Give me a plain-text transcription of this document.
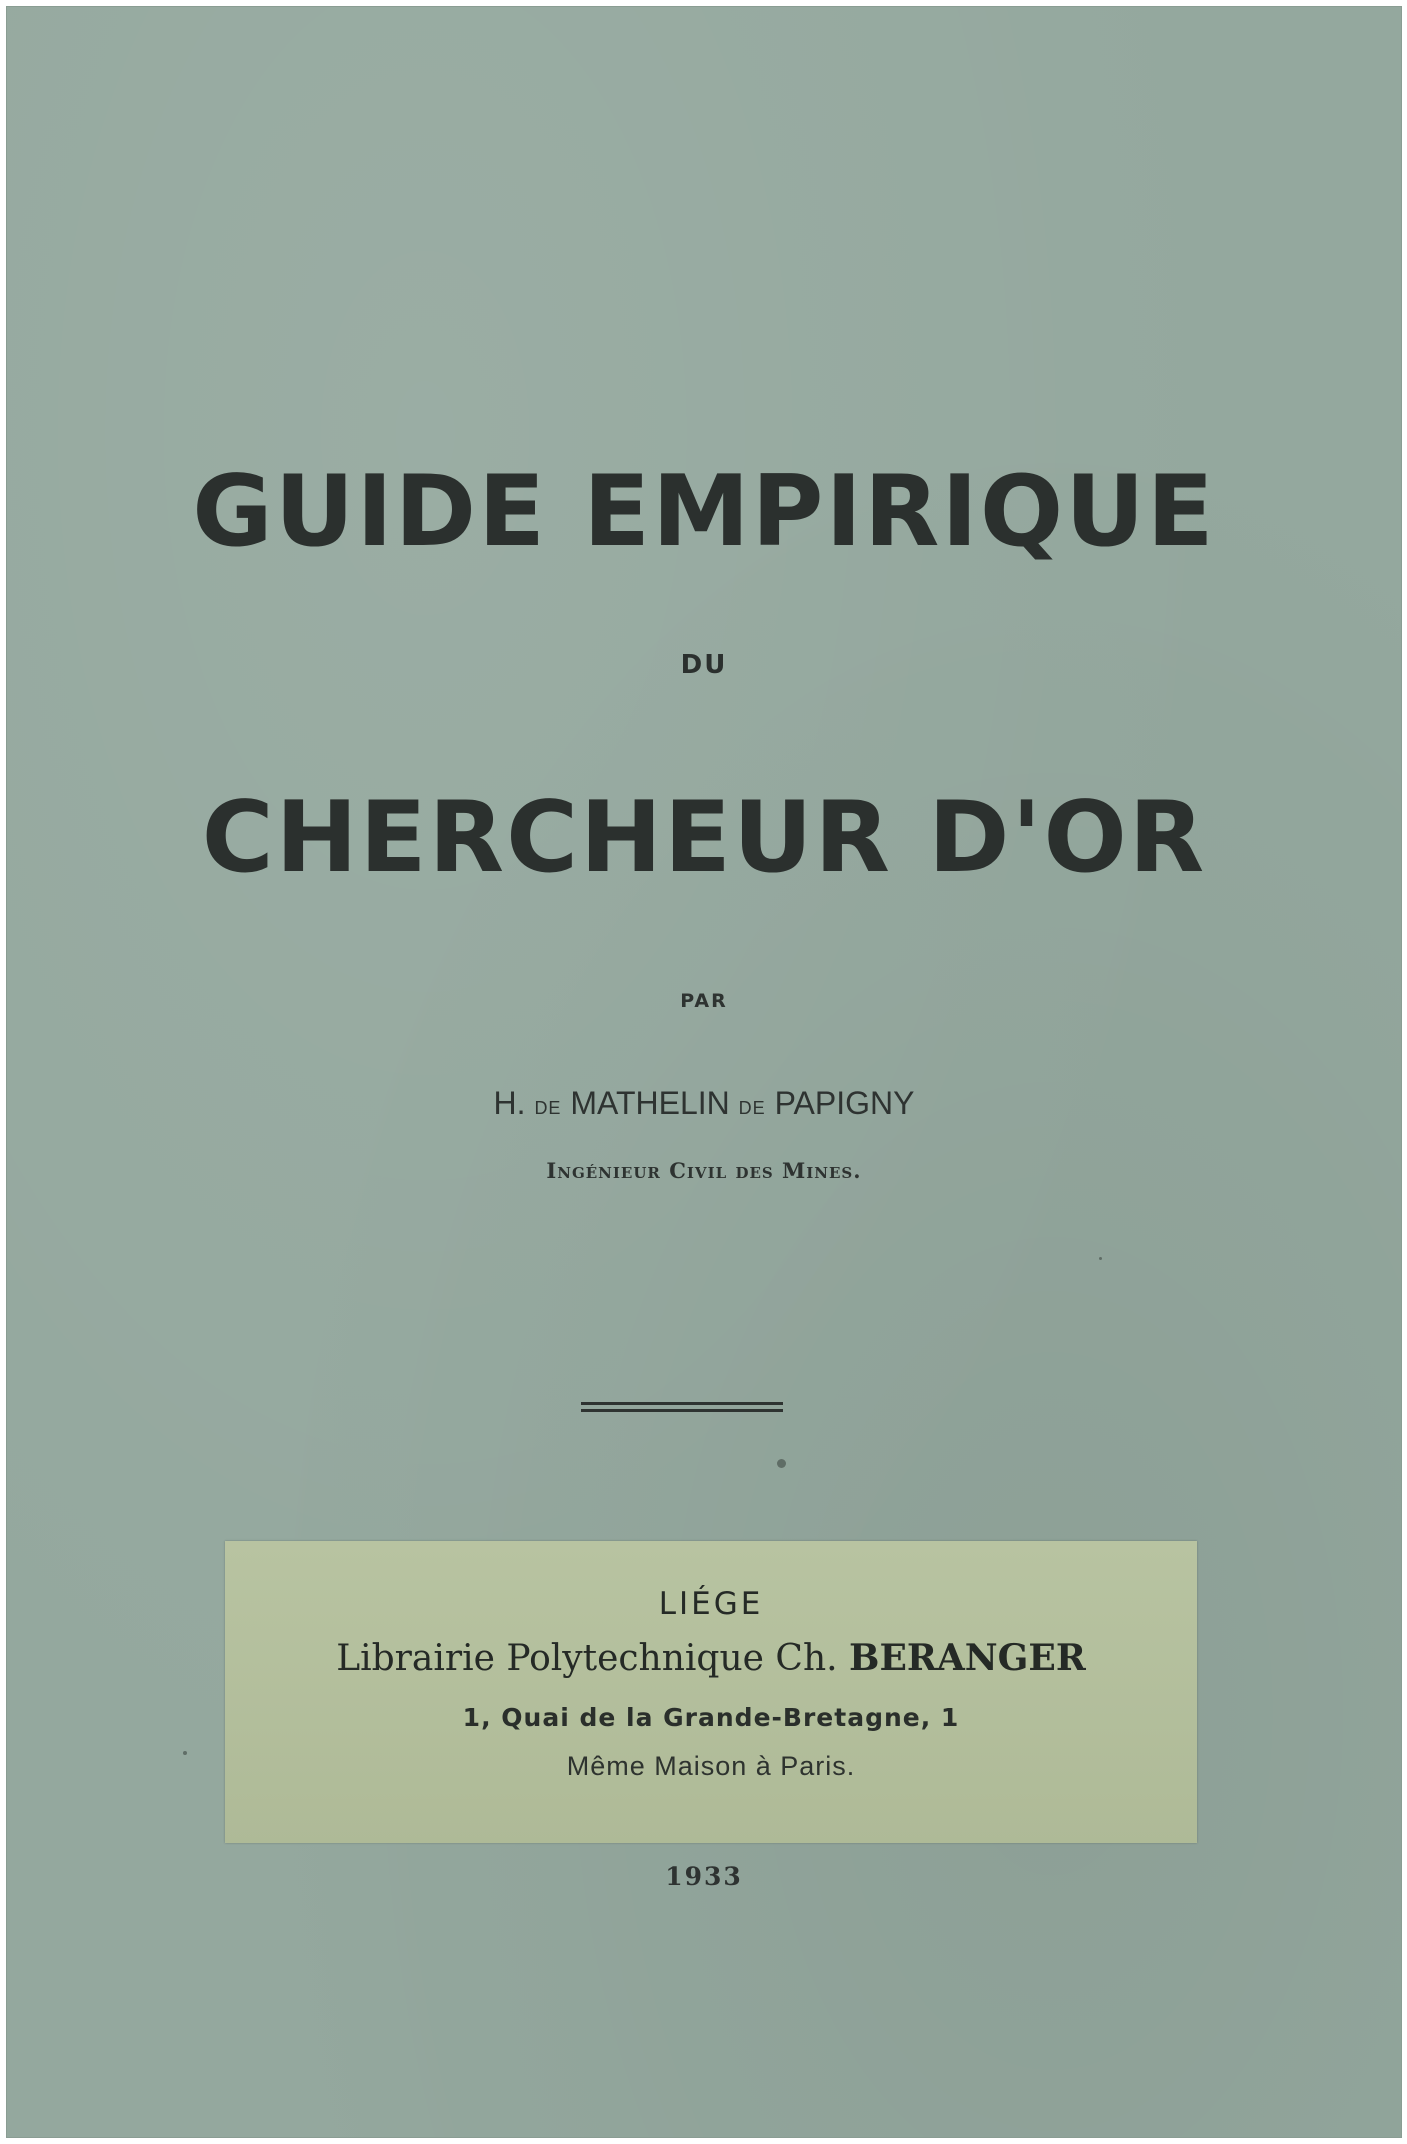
GUIDE EMPIRIQUE
DU
CHERCHEUR D'OR
PAR
H. DE MATHELIN DE PAPIGNY
Ingénieur Civil des Mines.
LIÉGE
Librairie Polytechnique Ch. BERANGER
1, Quai de la Grande-Bretagne, 1
Même Maison à Paris.
1933
